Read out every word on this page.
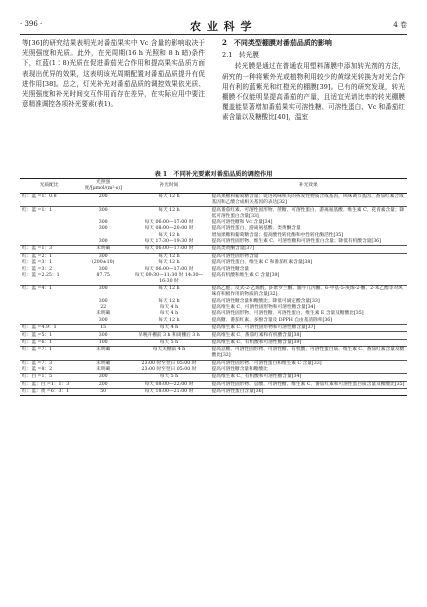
· 396 ·	农 业 科 学	4 卷

等[36]的研究结果表明光对番茄果实中 Vc 含量的影响取决于光照强度和光质。此外，在光周期(16 h 光照和 8 h 暗)条件下，红蓝(1∶8)光质在促进番茄光合作用和提高果实品质方面表现出优异的效果，这表明该光周期配置对番茄品质提升有促进作用[38]。总之，灯光补光对番茄品质的调控效果依光质、光照强度和补光时间交互作用而存在差异，在实际应用中要注意精准调控各项补光要素(表1)。

2　不同类型棚膜对番茄品质的影响

2.1　转光膜

转光膜是通过在普通农用塑料薄膜中添加转光剂的方法，研究的一种将紫外光或植物利用较少的黄绿光转换为对光合作用有利的蓝紫光和红橙光的棚膜[39]。已有的研究发现，转光棚膜不仅能明显提高番茄的产量，且适宜光谱比率的转光棚膜覆盖能显著增加番茄果实可溶性糖、可溶性蛋白、Vc 和番茄红素含量以及糖酸比[40]，温室

表 1　不同补光要素对番茄品质的调控作用
光质配比	光照强度/[μmol/(m²·s)]	补光时间	补光效果
红：蓝 =1：0.8	200	每天 12 h	提高果糖和葡萄糖含量；促进风味相关的挥发性物质合成基因，风味调节基因、番茄红素合成基因和乙酸合成相关基因的表达[32]
红：蓝 =1：1	300	每天 12 h	提高番茄红素、可溶性固形物、蔗糖、可溶性蛋白、游离氨基酸、维生素 C、花青素含量；降低可溶性蛋白含量[33]
	300	每天 06:00—17:00 时	提高可溶性糖和 Vc 含量[34]
	300	每天 08:00—20:00 时	提高可溶性蛋白、游离氨基酸、类黄酮含量
		每天 12 h	增加果糖和葡萄糖含量；提高酸性转化酶和中性转化酶活性[35]
	300	每天 17:30—19:30 时	提高可溶性固形物、维生素 C、可溶性糖和可溶性蛋白含量；降低有机酸含量[36]
红：蓝 =1：3	未明确	每天 06:00—17:00 时	提高类黄酮含量[37]
红：蓝 =2：1	300	每天 12 h	提高可溶性固形物含量
红：蓝 =3：1	(200±10)	每天 12 h	提高可溶性蛋白、维生素 C 和番茄红素含量[38]
红：蓝 =3：2	300	每天 06:00—17:00 时	提高可溶性糖含量
红：蓝 =2.25：1	87.75	每天 09:30—11:30 时 14:30—16:30 时	提高有机酸和维生素 C 含量[39]
红：蓝 =4：1	300	每天 12 h	提高乙醛、反式-2-乙烯醛、β-紫罗兰酮、髓牛儿丙酮、6-甲基-5-庚烯-2-酮、2-苯乙醇等对风味有积极作用的物质的含量[32]
	300	每天 12 h	提高可溶性糖含量和糖酸比；降低可滴定酸含量[33]
	22	每天 4 h	提高维生素 C、可溶性固形物和可溶性糖含量[34]
	未明确	每天 4 h	提高可溶性固形物、可溶性糖、可溶性蛋白、维生素 E 含量及糖酸比[35]
	300	每天 12 h	提高糖、番茄红素、多酚含量及 DPPH 自由基清除率[36]
红：蓝 =4.9：1	15	每天 4 h	提高维生素 C、可溶性固形物和可溶性糖含量[37]
红：蓝 =5：1	300	早晚开棚前 3 h 和闭棚后 3 h	提高维生素 C、番茄红素和有机酸含量[38]
红：蓝 =6：1	100	每天 5 h	提高维生素 C、有机酸和可溶性糖含量[39]
红：蓝 =7：1	未明确	每天关棚前 4 h	提高总糖、可溶性固形物、可溶性糖、有机酸、可溶性蛋白质、维生素 C、番茄红素含量及糖酸比[32]
红：蓝 =7：3	未明确	23:00 时至翌日 05:00 时	提高可溶性固形物、可溶性蛋白和维生素 C 含量[33]
红：蓝 =8：2	未明确	23:00 时至翌日 05:00 时	提高可溶性糖含量和糖酸比
红：白 =1：5	300	每天 5 h	提高维生素 C、有机酸和可溶性糖含量[34]
红：蓝：白 =1：1：3	200	每天 08:00—22:00 时	提高可溶性固形物、总酸、可溶性糖、维生素 C、番茄红素和可溶性蛋白质含量及糖酸比[35]
红：蓝：黄 =6：3：1	50	每天 18:00—21:00 时	提高可溶性蛋白含量[36]
